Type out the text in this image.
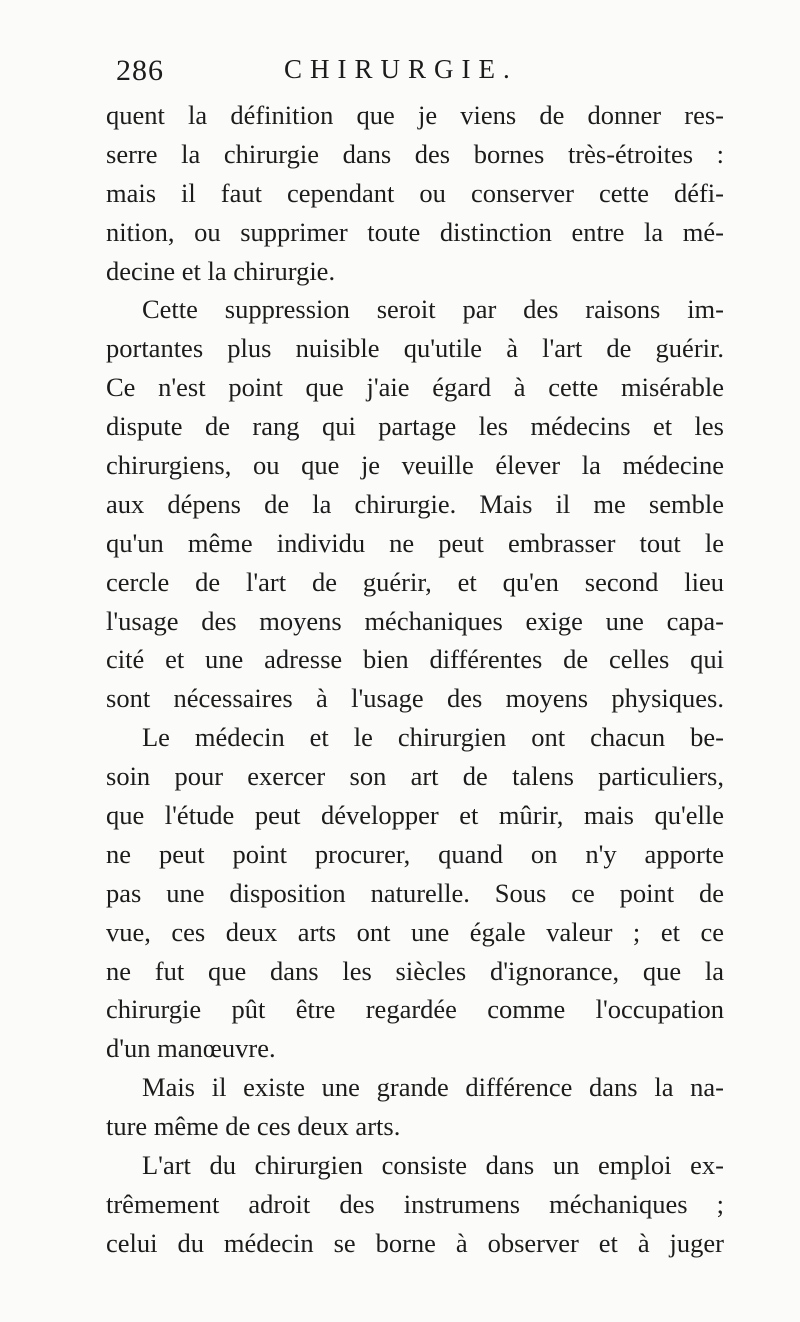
286	CHIRURGIE.
quent la définition que je viens de donner res-
serre la chirurgie dans des bornes très-étroites :
mais il faut cependant ou conserver cette défi-
nition, ou supprimer toute distinction entre la mé-
decine et la chirurgie.
Cette suppression seroit par des raisons im-
portantes plus nuisible qu'utile à l'art de guérir.
Ce n'est point que j'aie égard à cette misérable
dispute de rang qui partage les médecins et les
chirurgiens, ou que je veuille élever la médecine
aux dépens de la chirurgie. Mais il me semble
qu'un même individu ne peut embrasser tout le
cercle de l'art de guérir, et qu'en second lieu
l'usage des moyens méchaniques exige une capa-
cité et une adresse bien différentes de celles qui
sont nécessaires à l'usage des moyens physiques.
Le médecin et le chirurgien ont chacun be-
soin pour exercer son art de talens particuliers,
que l'étude peut développer et mûrir, mais qu'elle
ne peut point procurer, quand on n'y apporte
pas une disposition naturelle. Sous ce point de
vue, ces deux arts ont une égale valeur ; et ce
ne fut que dans les siècles d'ignorance, que la
chirurgie pût être regardée comme l'occupation
d'un manœuvre.
Mais il existe une grande différence dans la na-
ture même de ces deux arts.
L'art du chirurgien consiste dans un emploi ex-
trêmement adroit des instrumens méchaniques ;
celui du médecin se borne à observer et à juger
